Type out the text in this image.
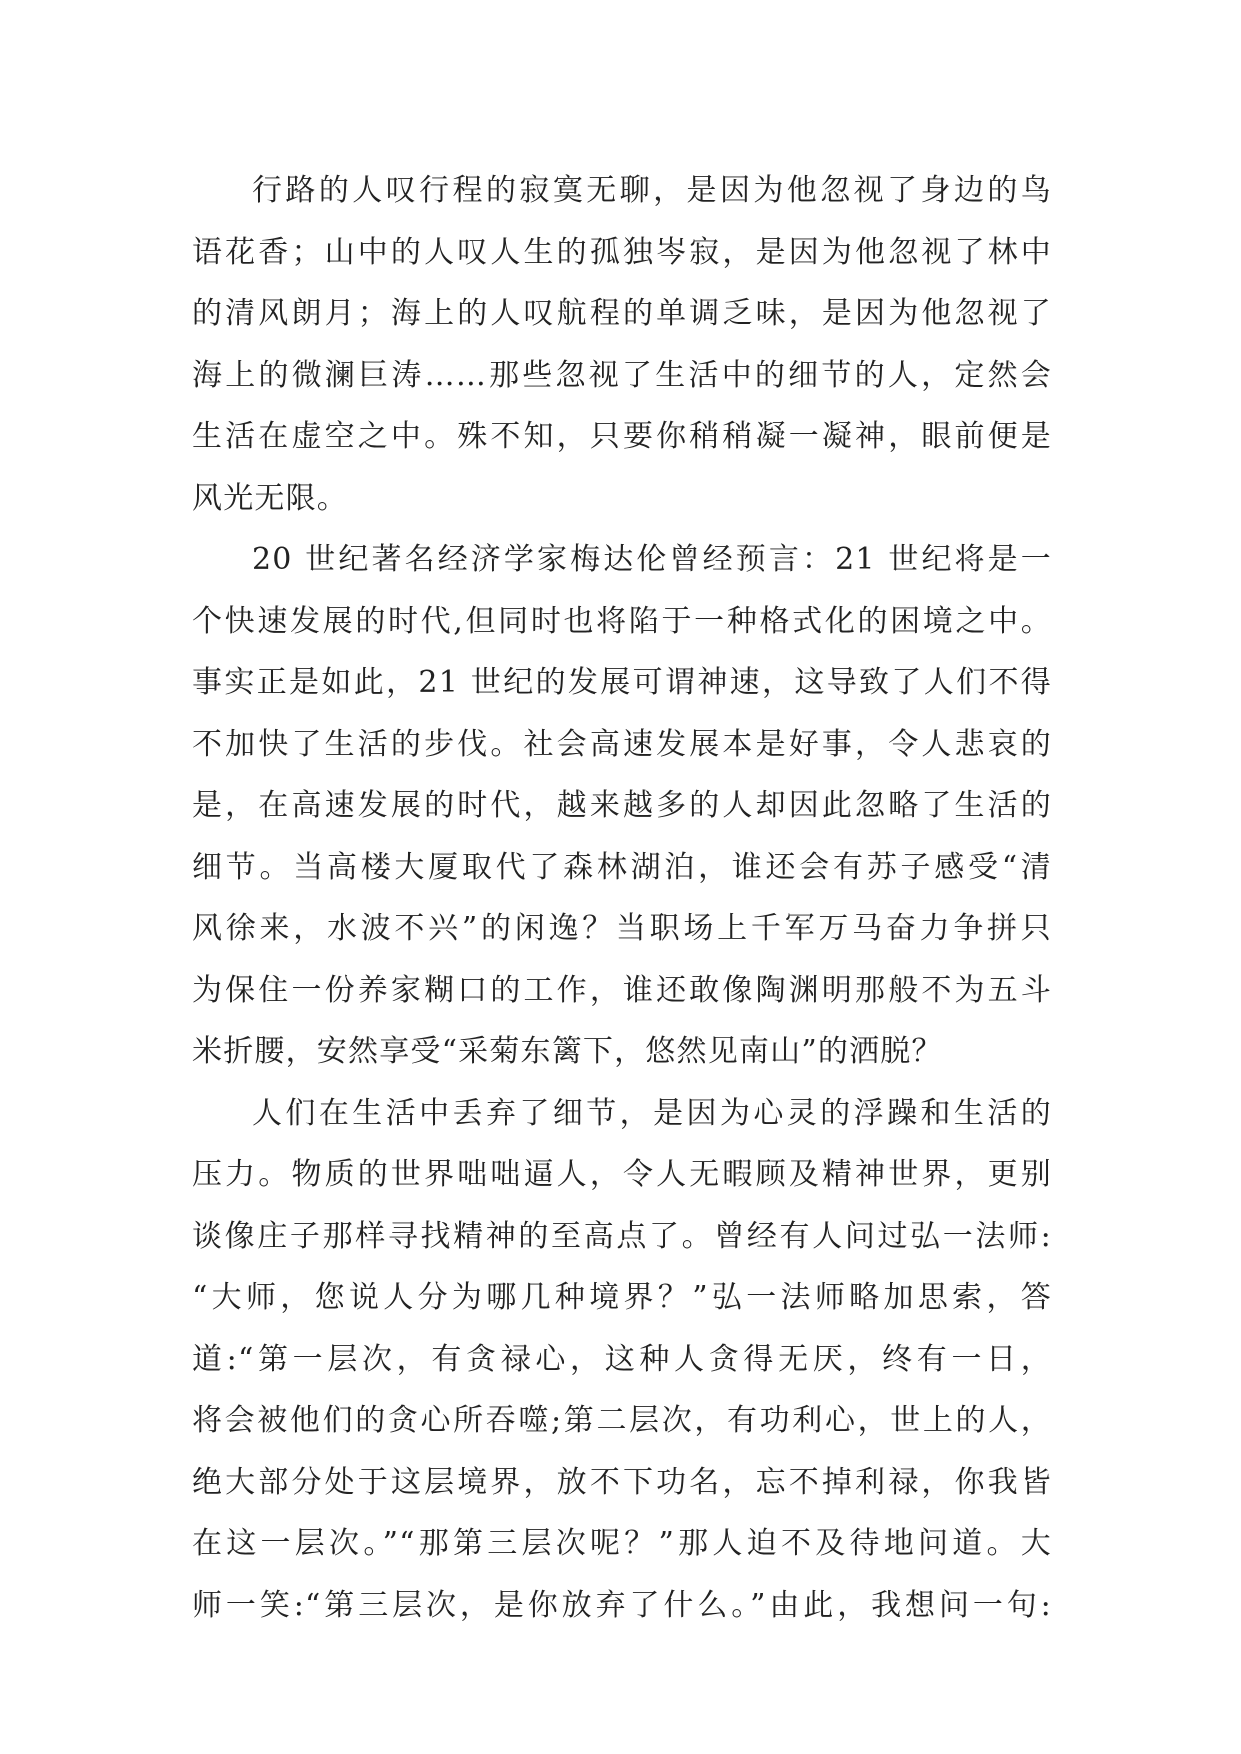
行路的人叹行程的寂寞无聊，是因为他忽视了身边的鸟
语花香；山中的人叹人生的孤独岑寂，是因为他忽视了林中
的清风朗月；海上的人叹航程的单调乏味，是因为他忽视了
海上的微澜巨涛……那些忽视了生活中的细节的人，定然会
生活在虚空之中。殊不知，只要你稍稍凝一凝神，眼前便是
风光无限。
20 世纪著名经济学家梅达伦曾经预言：21 世纪将是一
个快速发展的时代,但同时也将陷于一种格式化的困境之中。
事实正是如此，21 世纪的发展可谓神速，这导致了人们不得
不加快了生活的步伐。社会高速发展本是好事，令人悲哀的
是，在高速发展的时代，越来越多的人却因此忽略了生活的
细节。当高楼大厦取代了森林湖泊，谁还会有苏子感受“清
风徐来，水波不兴”的闲逸？当职场上千军万马奋力争拼只
为保住一份养家糊口的工作，谁还敢像陶渊明那般不为五斗
米折腰，安然享受“采菊东篱下，悠然见南山”的洒脱？
人们在生活中丢弃了细节，是因为心灵的浮躁和生活的
压力。物质的世界咄咄逼人，令人无暇顾及精神世界，更别
谈像庄子那样寻找精神的至高点了。曾经有人问过弘一法师:
“大师，您说人分为哪几种境界？”弘一法师略加思索，答
道:“第一层次，有贪禄心，这种人贪得无厌，终有一日，
将会被他们的贪心所吞噬;第二层次，有功利心，世上的人，
绝大部分处于这层境界，放不下功名，忘不掉利禄，你我皆
在这一层次。”“那第三层次呢？”那人迫不及待地问道。大
师一笑:“第三层次，是你放弃了什么。”由此，我想问一句:
